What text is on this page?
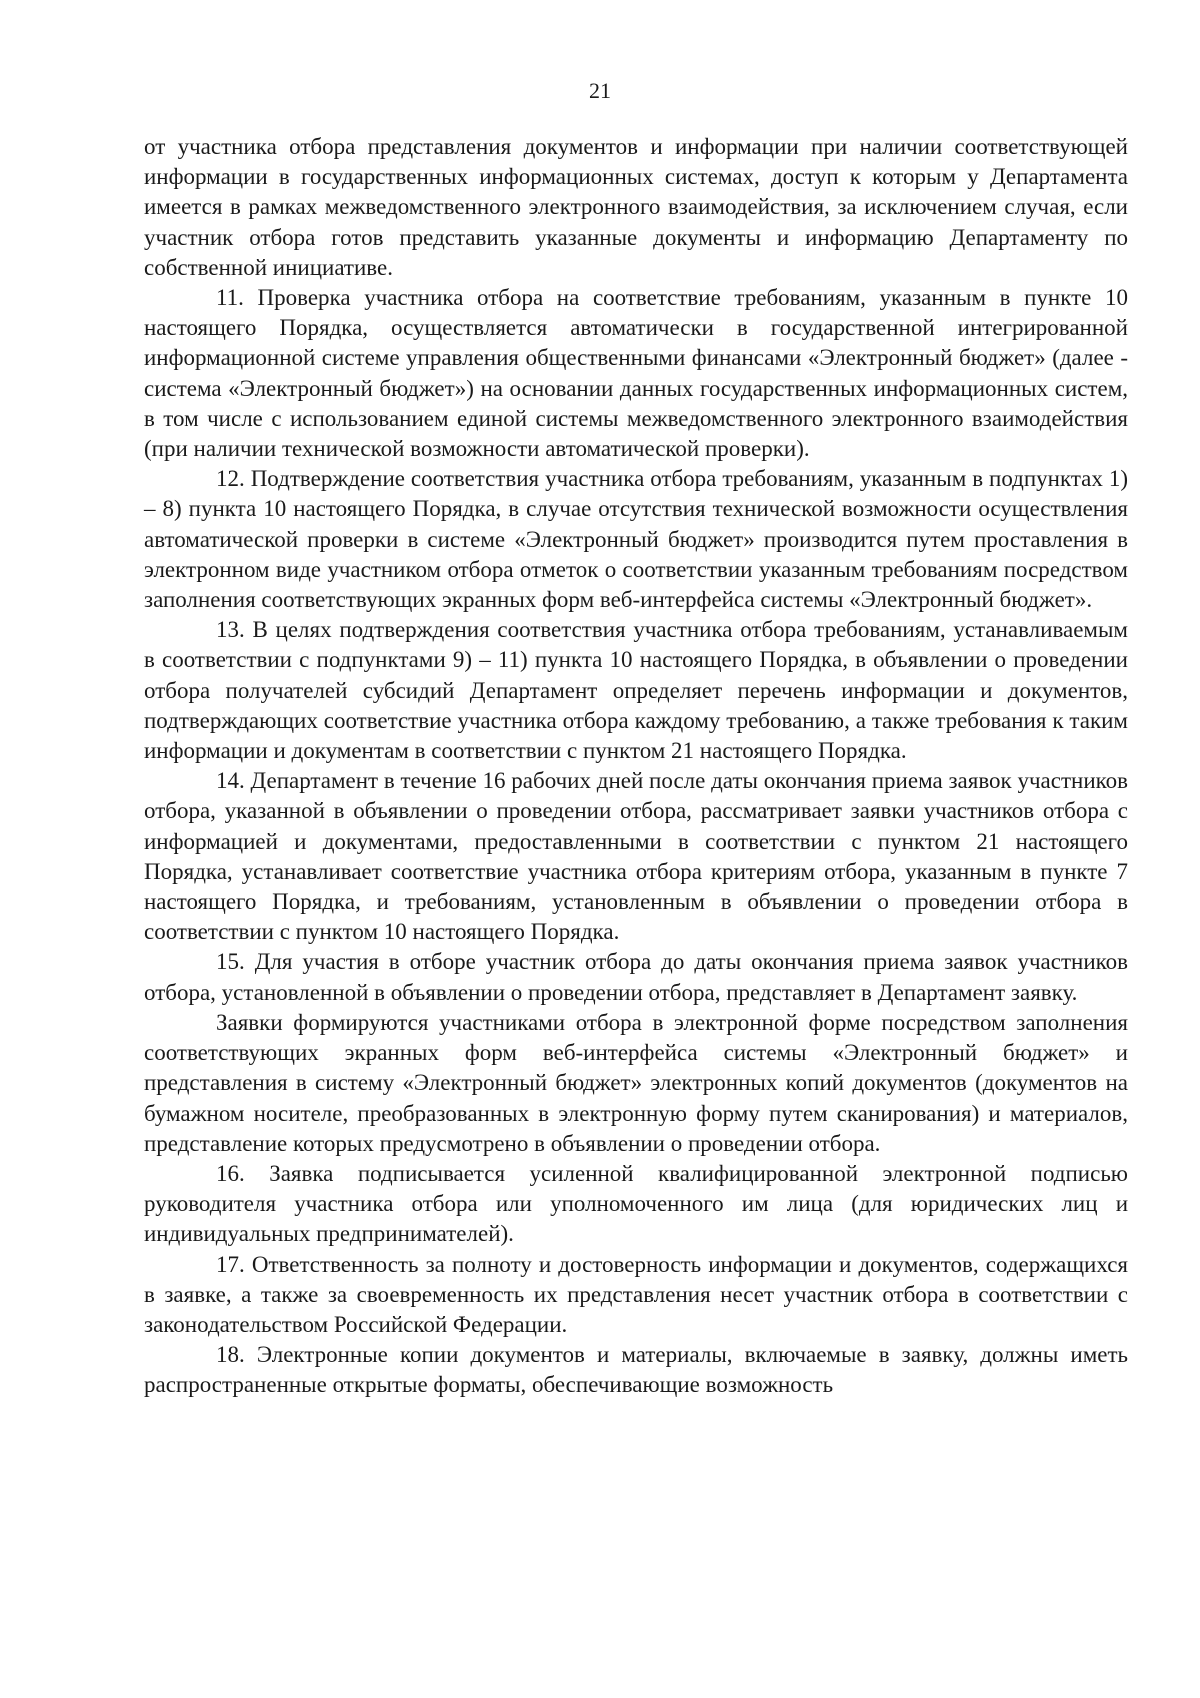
21

от участника отбора представления документов и информации при наличии соответствующей информации в государственных информационных системах, доступ к которым у Департамента имеется в рамках межведомственного электронного взаимодействия, за исключением случая, если участник отбора готов представить указанные документы и информацию Департаменту по собственной инициативе.

11. Проверка участника отбора на соответствие требованиям, указанным в пункте 10 настоящего Порядка, осуществляется автоматически в государственной интегрированной информационной системе управления общественными финансами «Электронный бюджет» (далее - система «Электронный бюджет») на основании данных государственных информационных систем, в том числе с использованием единой системы межведомственного электронного взаимодействия (при наличии технической возможности автоматической проверки).

12. Подтверждение соответствия участника отбора требованиям, указанным в подпунктах 1) – 8) пункта 10 настоящего Порядка, в случае отсутствия технической возможности осуществления автоматической проверки в системе «Электронный бюджет» производится путем проставления в электронном виде участником отбора отметок о соответствии указанным требованиям посредством заполнения соответствующих экранных форм веб-интерфейса системы «Электронный бюджет».

13. В целях подтверждения соответствия участника отбора требованиям, устанавливаемым в соответствии с подпунктами 9) – 11) пункта 10 настоящего Порядка, в объявлении о проведении отбора получателей субсидий Департамент определяет перечень информации и документов, подтверждающих соответствие участника отбора каждому требованию, а также требования к таким информации и документам в соответствии с пунктом 21 настоящего Порядка.

14. Департамент в течение 16 рабочих дней после даты окончания приема заявок участников отбора, указанной в объявлении о проведении отбора, рассматривает заявки участников отбора с информацией и документами, предоставленными в соответствии с пунктом 21 настоящего Порядка, устанавливает соответствие участника отбора критериям отбора, указанным в пункте 7 настоящего Порядка, и требованиям, установленным в объявлении о проведении отбора в соответствии с пунктом 10 настоящего Порядка.

15. Для участия в отборе участник отбора до даты окончания приема заявок участников отбора, установленной в объявлении о проведении отбора, представляет в Департамент заявку.

Заявки формируются участниками отбора в электронной форме посредством заполнения соответствующих экранных форм веб-интерфейса системы «Электронный бюджет» и представления в систему «Электронный бюджет» электронных копий документов (документов на бумажном носителе, преобразованных в электронную форму путем сканирования) и материалов, представление которых предусмотрено в объявлении о проведении отбора.

16. Заявка подписывается усиленной квалифицированной электронной подписью руководителя участника отбора или уполномоченного им лица (для юридических лиц и индивидуальных предпринимателей).

17. Ответственность за полноту и достоверность информации и документов, содержащихся в заявке, а также за своевременность их представления несет участник отбора в соответствии с законодательством Российской Федерации.

18. Электронные копии документов и материалы, включаемые в заявку, должны иметь распространенные открытые форматы, обеспечивающие возможность
